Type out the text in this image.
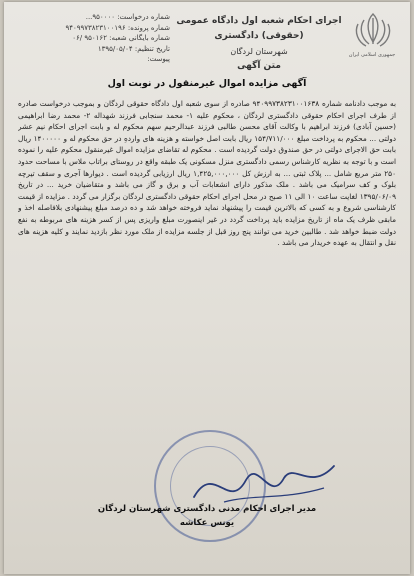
جمهوری اسلامی ایران
اجرای احکام شعبه اول دادگاه عمومی (حقوقی) دادگستری
شهرستان لردگان
متن آگهی
شماره درخواست: ۹۵۰۰۰۰...
شماره پرونده: ۹۴۰۹۹۷۳۸۲۳۱۰۰۱۹۶
شماره بایگانی شعبه: ۹۵۰۱۶۲ /۰۶
تاریخ تنظیم: ۱۳۹۵/۰۵/۰۴
پیوست:
آگهی مزایده اموال غیرمنقول در نوبت اول
به موجب دادنامه شماره ۹۴۰۹۹۷۳۸۲۳۱۰۰۱۶۳۸ صادره از سوی شعبه اول دادگاه حقوقی لردگان و بموجب درخواست صادره از طرف اجرای احکام حقوقی دادگستری لردگان ، محکوم علیه ۱- محمد سنجابی فرزند شهداله ۲- محمد رضا ابراهیمی (حسین آبادی) فرزند ابراهیم با وکالت آقای محسن طالبی فرزند عبدالرحیم سهم محکوم له و بابت اجرای احکام نیم عشر دولتی ... محکوم به پرداخت مبلغ ۱۵۴/۷۱۱/۰۰۰ ریال بابت اصل خواسته و هزینه های واردهِ در حق محکوم له و ۱۴۰۰۰۰۰ ریال بابت حق الاجرای دولتی در حق صندوق دولت گردیده است . محکوم له تقاضای مزایده اموال غیرمنقول محکوم علیه را نموده است و با توجه به نظریه کارشناس رسمی دادگستری منزل مسکونی یک طبقه واقع در روستای براتاب ملاس با مساحت حدود ۲۵۰ متر مربع شامل ... پلاک ثبتی ... به ارزش کل ۱,۴۲۵,۰۰۰,۰۰۰ ریال ارزیابی گردیده است . دیوارها آجری و سقف تیرچه بلوک و کف سرامیک می باشد . ملک مذکور دارای انشعابات آب و برق و گاز می باشد و متقاضیان خرید ... در تاریخ ۱۳۹۵/۰۶/۰۹ لغایت ساعت ۱۰ الی ۱۱ صبح در محل اجرای احکام حقوقی دادگستری لردگان برگزار می گردد . مزایده از قیمت کارشناسی شروع و به کسی که بالاترین قیمت را پیشنهاد نماید فروخته خواهد شد و ده درصد مبلغ پیشنهادی بلافاصله اخذ و مابقی ظرف یک ماه از تاریخ مزایده باید پرداخت گردد در غیر اینصورت مبلغ واریزی پس از کسر هزینه های مربوطه به نفع دولت ضبط خواهد شد . طالبین خرید می توانند پنج روز قبل از جلسه مزایده از ملک مورد نظر بازدید نمایند و کلیه هزینه های نقل و انتقال به عهده خریدار می باشد .
مدیر اجرای احکام مدنی دادگستری شهرستان لردگان
یونس عکاشه
